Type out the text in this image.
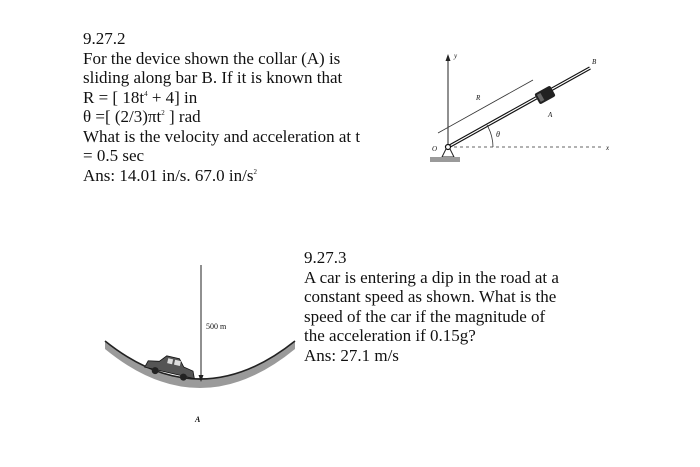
9.27.2
For the device shown the collar (A) is
sliding along bar B. If it is known that
R = [ $18t^4 + 4$] in
θ =[ $(2/3)\pi t^2$ ] rad
What is the velocity and acceleration at t
= 0.5 sec
Ans: 14.01 in/s. 67.0 $in/s^2$
y
x
B
R
A
θ
O
9.27.3
A car is entering a dip in the road at a
constant speed as shown. What is the
speed of the car if the magnitude of
the acceleration if 0.15g?
Ans: 27.1 m/s
500 m
A
